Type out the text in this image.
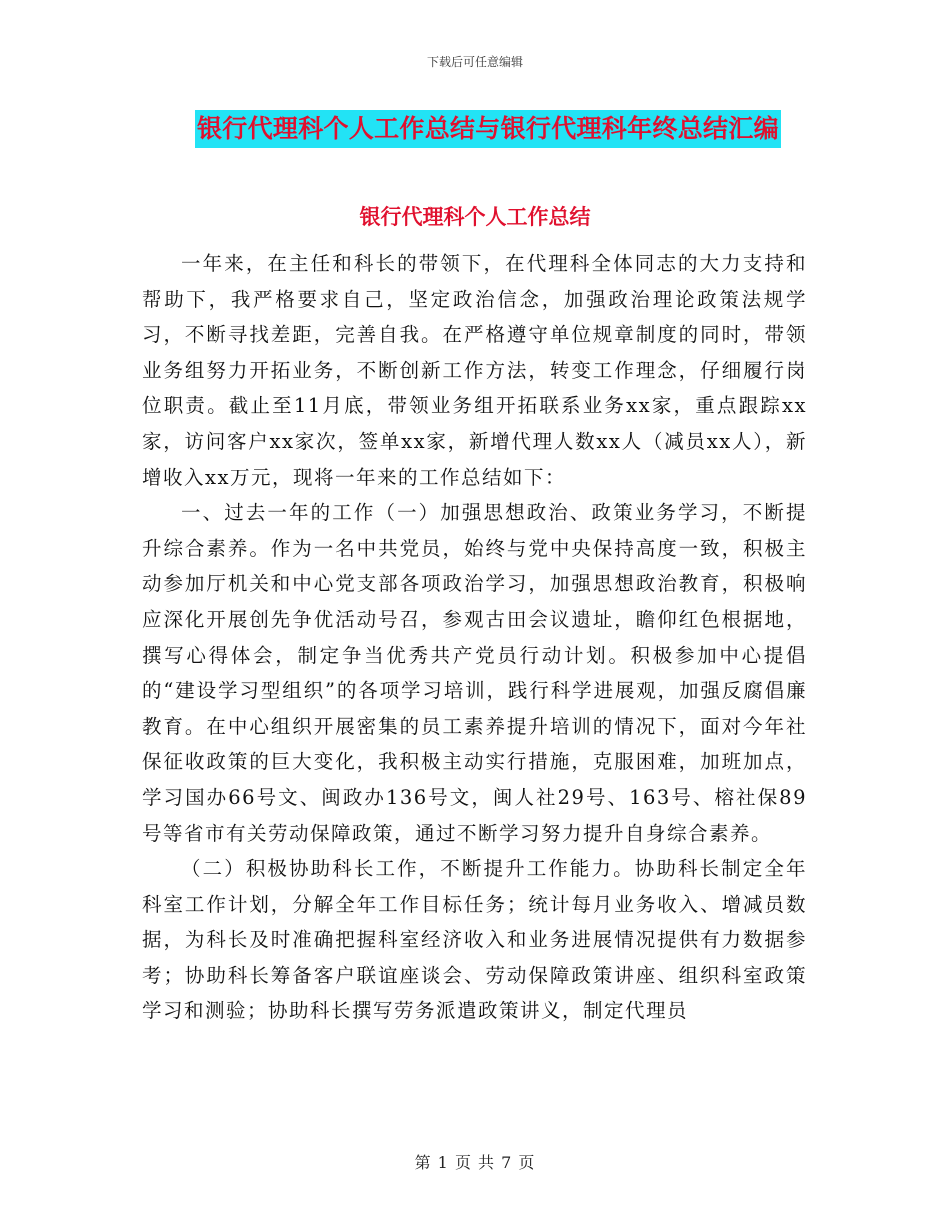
下载后可任意编辑
银行代理科个人工作总结与银行代理科年终总结汇编
银行代理科个人工作总结

一年来，在主任和科长的带领下，在代理科全体同志的大力支持和帮助下，我严格要求自己，坚定政治信念，加强政治理论政策法规学习，不断寻找差距，完善自我。在严格遵守单位规章制度的同时，带领业务组努力开拓业务，不断创新工作方法，转变工作理念，仔细履行岗位职责。截止至11月底，带领业务组开拓联系业务xx家，重点跟踪xx家，访问客户xx家次，签单xx家，新增代理人数xx人（减员xx人），新增收入xx万元，现将一年来的工作总结如下：

一、过去一年的工作（一）加强思想政治、政策业务学习，不断提升综合素养。作为一名中共党员，始终与党中央保持高度一致，积极主动参加厅机关和中心党支部各项政治学习，加强思想政治教育，积极响应深化开展创先争优活动号召，参观古田会议遗址，瞻仰红色根据地，撰写心得体会，制定争当优秀共产党员行动计划。积极参加中心提倡的“建设学习型组织”的各项学习培训，践行科学进展观，加强反腐倡廉教育。在中心组织开展密集的员工素养提升培训的情况下，面对今年社保征收政策的巨大变化，我积极主动实行措施，克服困难，加班加点，学习国办66号文、闽政办136号文，闽人社29号、163号、榕社保89号等省市有关劳动保障政策，通过不断学习努力提升自身综合素养。

（二）积极协助科长工作，不断提升工作能力。协助科长制定全年科室工作计划，分解全年工作目标任务；统计每月业务收入、增减员数据，为科长及时准确把握科室经济收入和业务进展情况提供有力数据参考；协助科长筹备客户联谊座谈会、劳动保障政策讲座、组织科室政策学习和测验；协助科长撰写劳务派遣政策讲义，制定代理员

第 1 页 共 7 页
